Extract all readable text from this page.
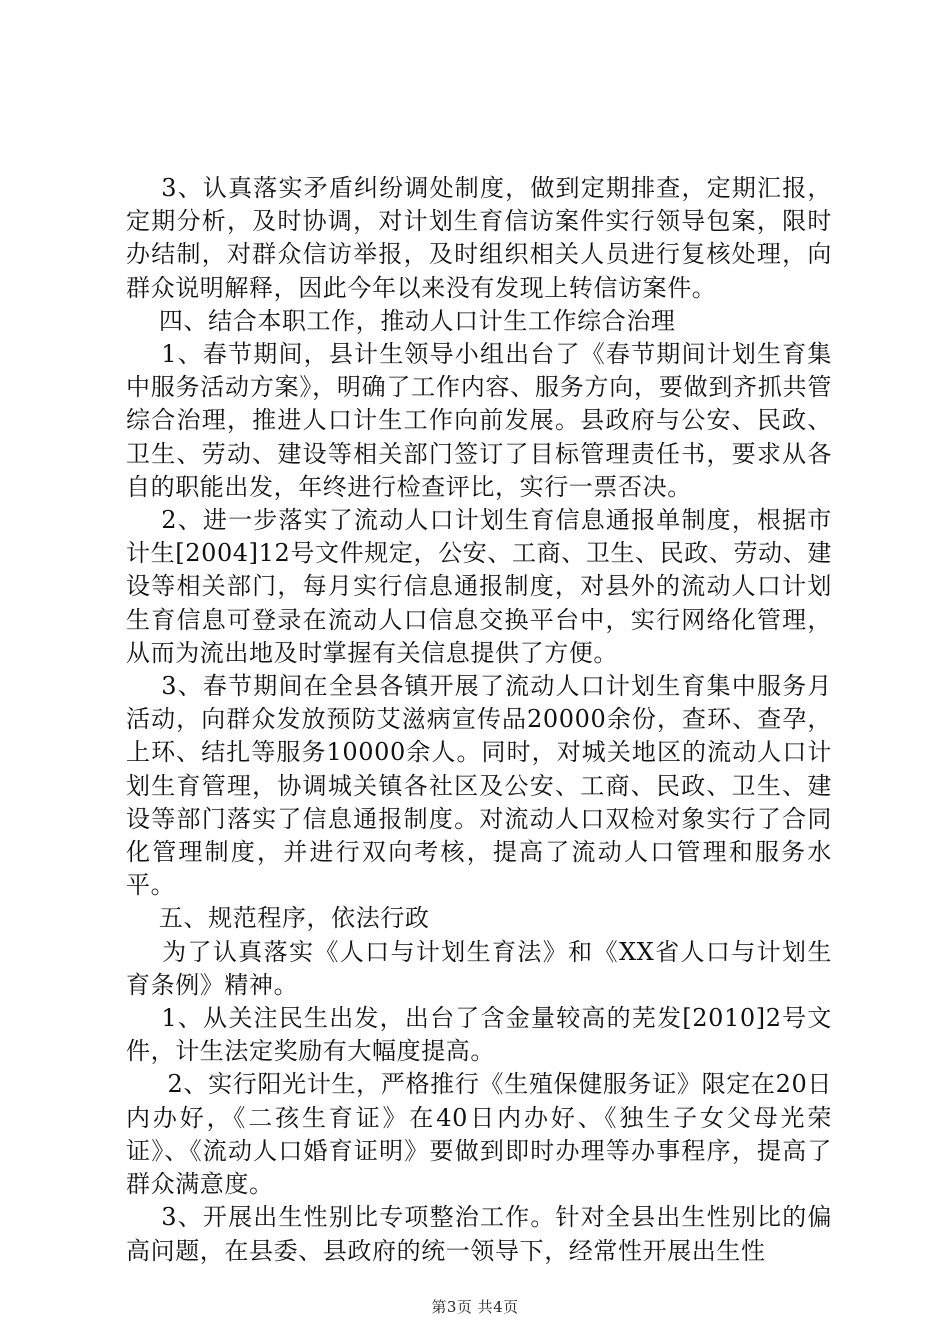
3、认真落实矛盾纠纷调处制度，做到定期排查，定期汇报，定期分析，及时协调，对计划生育信访案件实行领导包案，限时办结制，对群众信访举报，及时组织相关人员进行复核处理，向群众说明解释，因此今年以来没有发现上转信访案件。

四、结合本职工作，推动人口计生工作综合治理

1、春节期间，县计生领导小组出台了《春节期间计划生育集中服务活动方案》，明确了工作内容、服务方向，要做到齐抓共管综合治理，推进人口计生工作向前发展。县政府与公安、民政、卫生、劳动、建设等相关部门签订了目标管理责任书，要求从各自的职能出发，年终进行检查评比，实行一票否决。

2、进一步落实了流动人口计划生育信息通报单制度，根据市计生[2004]12号文件规定，公安、工商、卫生、民政、劳动、建设等相关部门，每月实行信息通报制度，对县外的流动人口计划生育信息可登录在流动人口信息交换平台中，实行网络化管理，从而为流出地及时掌握有关信息提供了方便。

3、春节期间在全县各镇开展了流动人口计划生育集中服务月活动，向群众发放预防艾滋病宣传品20000余份，查环、查孕，上环、结扎等服务10000余人。同时，对城关地区的流动人口计划生育管理，协调城关镇各社区及公安、工商、民政、卫生、建设等部门落实了信息通报制度。对流动人口双检对象实行了合同化管理制度，并进行双向考核，提高了流动人口管理和服务水平。

五、规范程序，依法行政

为了认真落实《人口与计划生育法》和《XX省人口与计划生育条例》精神。

1、从关注民生出发，出台了含金量较高的芜发[2010]2号文件，计生法定奖励有大幅度提高。

2、实行阳光计生，严格推行《生殖保健服务证》限定在20日内办好，《二孩生育证》在40日内办好、《独生子女父母光荣证》、《流动人口婚育证明》要做到即时办理等办事程序，提高了群众满意度。

3、开展出生性别比专项整治工作。针对全县出生性别比的偏高问题，在县委、县政府的统一领导下，经常性开展出生性

第3页 共4页
